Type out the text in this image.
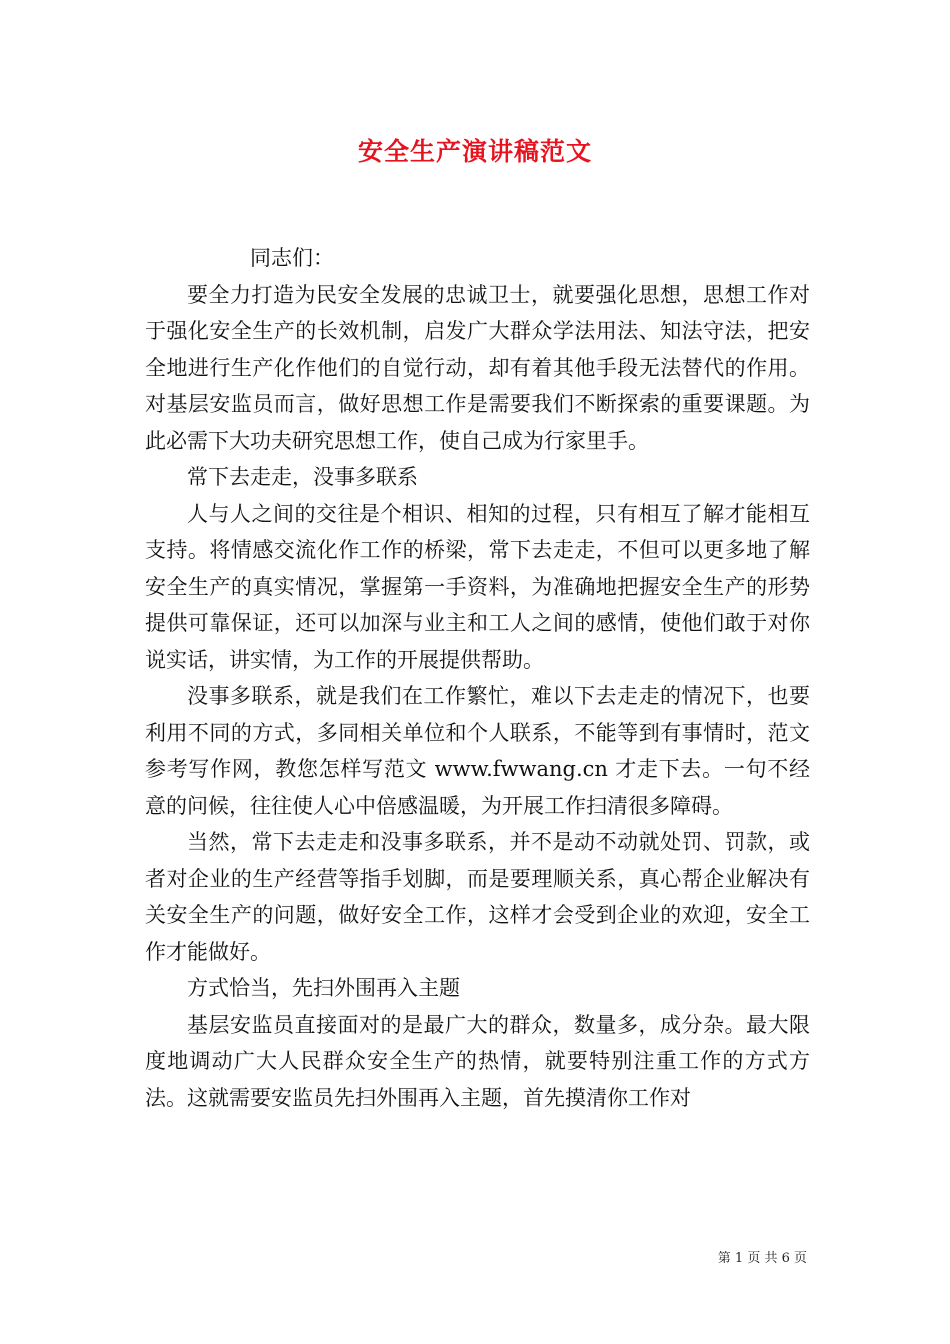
安全生产演讲稿范文

同志们：

要全力打造为民安全发展的忠诚卫士，就要强化思想，思想工作对于强化安全生产的长效机制，启发广大群众学法用法、知法守法，把安全地进行生产化作他们的自觉行动，却有着其他手段无法替代的作用。对基层安监员而言，做好思想工作是需要我们不断探索的重要课题。为此必需下大功夫研究思想工作，使自己成为行家里手。

常下去走走，没事多联系

人与人之间的交往是个相识、相知的过程，只有相互了解才能相互支持。将情感交流化作工作的桥梁，常下去走走，不但可以更多地了解安全生产的真实情况，掌握第一手资料，为准确地把握安全生产的形势提供可靠保证，还可以加深与业主和工人之间的感情，使他们敢于对你说实话，讲实情，为工作的开展提供帮助。

没事多联系，就是我们在工作繁忙，难以下去走走的情况下，也要利用不同的方式，多同相关单位和个人联系，不能等到有事情时，范文参考写作网，教您怎样写范文 www.fwwang.cn 才走下去。一句不经意的问候，往往使人心中倍感温暖，为开展工作扫清很多障碍。

当然，常下去走走和没事多联系，并不是动不动就处罚、罚款，或者对企业的生产经营等指手划脚，而是要理顺关系，真心帮企业解决有关安全生产的问题，做好安全工作，这样才会受到企业的欢迎，安全工作才能做好。

方式恰当，先扫外围再入主题

基层安监员直接面对的是最广大的群众，数量多，成分杂。最大限度地调动广大人民群众安全生产的热情，就要特别注重工作的方式方法。这就需要安监员先扫外围再入主题，首先摸清你工作对

第 1 页 共 6 页
